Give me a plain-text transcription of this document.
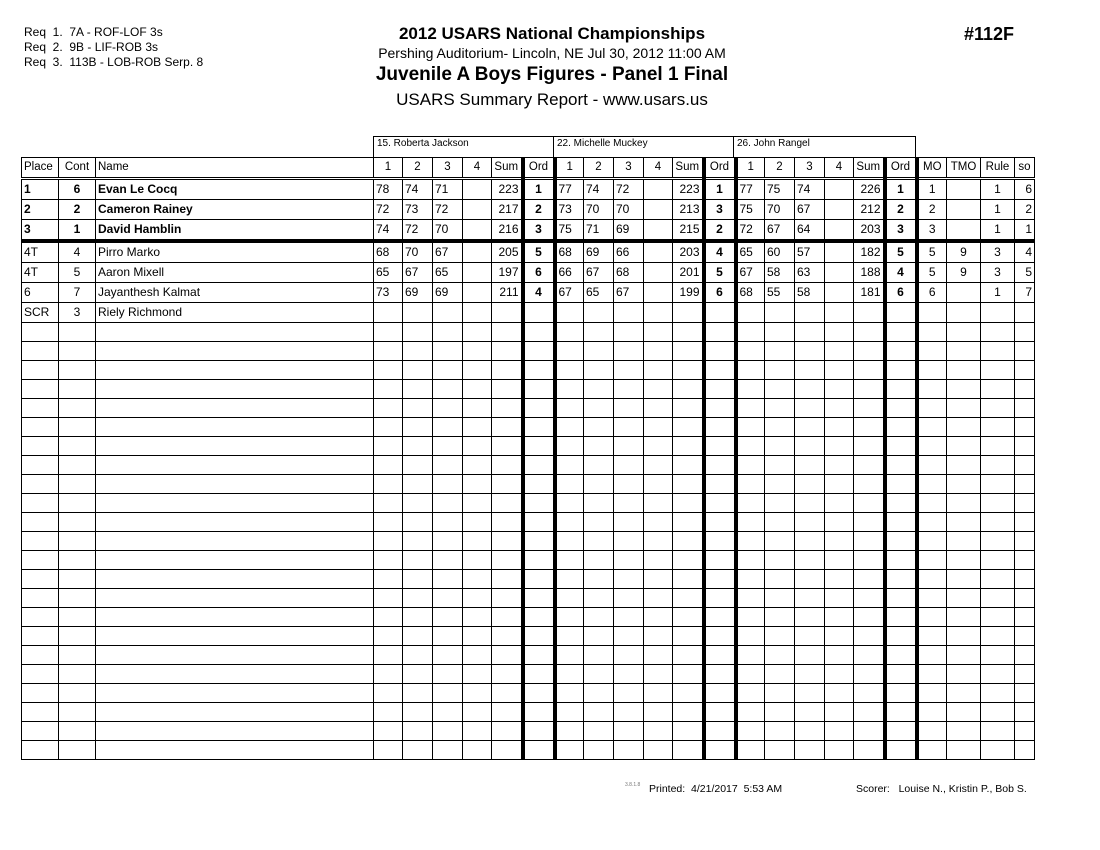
Req  1.  7A - ROF-LOF 3s
Req  2.  9B - LIF-ROB 3s
Req  3.  113B - LOB-ROB Serp. 8
2012 USARS National Championships
Pershing Auditorium- Lincoln, NE Jul 30, 2012 11:00 AM
Juvenile A Boys Figures - Panel 1 Final
USARS Summary Report - www.usars.us
#112F
15. Roberta Jackson	22. Michelle Muckey	26. John Rangel
Place	Cont	Name	1	2	3	4	Sum	Ord	1	2	3	4	Sum	Ord	1	2	3	4	Sum	Ord	MO	TMO	Rule	so
1	6	Evan Le Cocq	78	74	71		223	1	77	74	72		223	1	77	75	74		226	1	1		1	6
2	2	Cameron Rainey	72	73	72		217	2	73	70	70		213	3	75	70	67		212	2	2		1	2
3	1	David Hamblin	74	72	70		216	3	75	71	69		215	2	72	67	64		203	3	3		1	1
4T	4	Pirro Marko	68	70	67		205	5	68	69	66		203	4	65	60	57		182	5	5	9	3	4
4T	5	Aaron Mixell	65	67	65		197	6	66	67	68		201	5	67	58	63		188	4	5	9	3	5
6	7	Jayanthesh Kalmat	73	69	69		211	4	67	65	67		199	6	68	55	58		181	6	6		1	7
SCR	3	Riely Richmond																						

3.8.1.8 Printed:  4/21/2017  5:53 AM	Scorer:   Louise N., Kristin P., Bob S.
